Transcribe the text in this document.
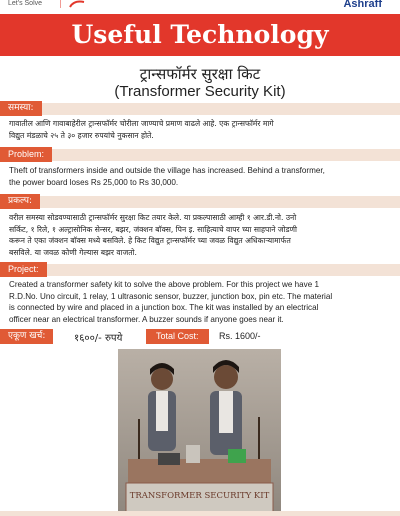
Let's Solve	Ashraff
Useful Technology
ट्रान्सफॉर्मर सुरक्षा किट
(Transformer Security Kit)
समस्या:
गावातील आणि गावाबाहेरील ट्रान्सफॉर्मर चोरीला जाण्याचे प्रमाण वाढले आहे. एक ट्रान्सफॉर्मर मागे
विद्युत मंडळाचे २५ ते ३० हजार रुपयांचे नुकसान होते.
Problem:
Theft of transformers inside and outside the village has increased. Behind a transformer,
the power board loses Rs 25,000 to Rs 30,000.
प्रकल्प:
वरील समस्या सोडवण्यासाठी ट्रान्सफॉर्मर सुरक्षा किट तयार केले. या प्रकल्पासाठी आम्ही १ आर.डी.नो. उनो
सर्किट, १ रिले, १ अल्ट्रासोनिक सेन्सर, बझर, जंक्शन बॉक्स, पिन इ. साहित्याचे वापर च्या साहपाने जोडणी
करून ते एका जंक्शन बॉक्स मध्ये बसविले. हे किट विद्युत ट्रान्सफॉर्मर च्या जवळ विद्युत अधिकाऱ्यामार्फत
बसविले. या जवळ कोणी गेल्यास बझर वाजतो.
Project:
Created a transformer safety kit to solve the above problem. For this project we have 1
R.D.No. Uno circuit, 1 relay, 1 ultrasonic sensor, buzzer, junction box, pin etc. The material
is connected by wire and placed in a junction box. The kit was installed by an electrical
officer near an electrical transformer. A buzzer sounds if anyone goes near it.
एकूण खर्च:	१६००/- रुपये	Total Cost:	Rs. 1600/-
TRANSFORMER SECURITY KIT
